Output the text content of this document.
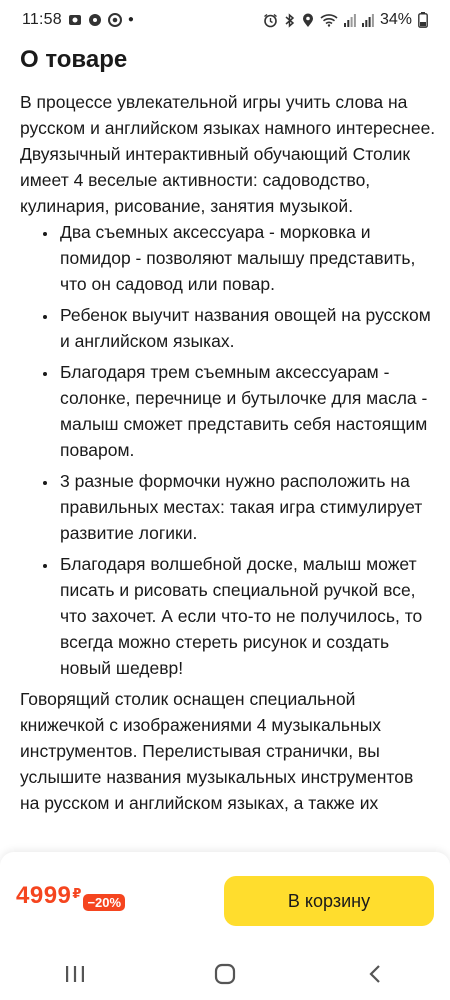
11:58	●	34%
О товаре

В процессе увлекательной игры учить слова на русском и английском языках намного интереснее. Двуязычный интерактивный обучающий Столик имеет 4 веселые активности: садоводство, кулинария, рисование, занятия музыкой.

• Два съемных аксессуара - морковка и помидор - позволяют малышу представить, что он садовод или повар.
• Ребенок выучит названия овощей на русском и английском языках.
• Благодаря трем съемным аксессуарам - солонке, перечнице и бутылочке для масла - малыш сможет представить себя настоящим поваром.
• 3 разные формочки нужно расположить на правильных местах: такая игра стимулирует развитие логики.
• Благодаря волшебной доске, малыш может писать и рисовать специальной ручкой все, что захочет. А если что-то не получилось, то всегда можно стереть рисунок и создать новый шедевр!

Говорящий столик оснащен специальной книжечкой с изображениями 4 музыкальных инструментов. Перелистывая странички, вы услышите названия музыкальных инструментов на русском и английском языках, а также их

4999 ₽
−20%	В корзину
